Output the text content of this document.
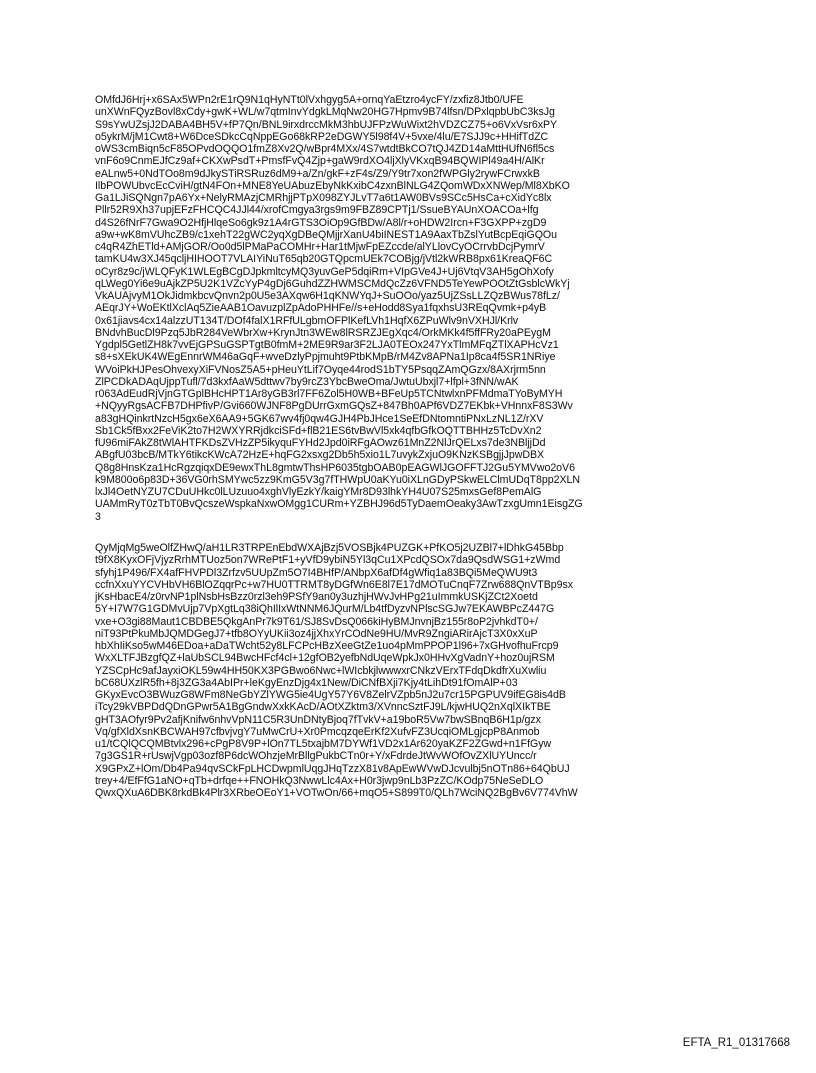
OMfdJ6Hrj+x6SAx5WPn2rE1rQ9N1qHyNTt0lVxhgyg5A+ornqYaEtzro4ycFY/zxfiz8Jtb0/UFE
unXWnFQyzBovl8xCdy+gwK+WL/w7qtmInvYdgkLMqNw20HG7Hpmv9B74lfsn/DPxlqpbUbC3ksJg
S9sYwUZsjJ2DABA4BH5V+fP7Qn/BNL9irxdrccMkM3hbUJFPzWuWixt2hVDZCZ75+o6VxVsr6xPY
o5ykrM/jM1Cwt8+W6DceSDkcCqNppEGo68kRP2eDGWY5l98f4V+5vxe/4lu/E7SJJ9c+HHifTdZC
oWS3cmBiqn5cF85OPvdOQQO1fmZ8Xv2Q/wBpr4MXx/4S7wtdtBkCO7tQJ4ZD14aMttHUfN6fl5cs
vnF6o9CnmEJfCz9af+CKXwPsdT+PmsfFvQ4Zjp+gaW9rdXO4ljXlyVKxqB94BQWIPl49a4H/AlKr
eALnw5+0NdTOo8m9dJkySTiRSRuz6dM9+a/Zn/gkF+zF4s/Z9/Y9tr7xon2fWPGly2rywFCrwxkB
IlbPOWUbvcEcCviH/gtN4FOn+MNE8YeUAbuzEbyNkKxibC4zxnBlNLG4ZQomWDxXNWep/Ml8XbKO
Ga1LJiSQNgn7pA6Yx+NelyRMAzjCMRhjjPTpX098ZYJLvT7a6t1AW0BVs9SCc5HsCa+cXidYc8lx
Pllr52R9Xh37upjEFzFHCQC4JJl44/xrofCmgya3rgs9m9FBZ89CPTj1/SsueBYAUnXOACOa+lfg
d4S26fNrF7Gwa9O2HfjHlqeSo6gk9z1A4rGTS3OiOp9GfBDw/A8l/r+oHDW2Ircn+F3GXPP+zgD9
a9w+wK8mVUhcZB9/c1xehT22gWC2yqXgDBeQMjjrXanU4biINEST1A9AaxTbZslYutBcpEqiGQOu
c4qR4ZhETld+AMjGOR/Oo0d5lPMaPaCOMHr+Har1tMjwFpEZccde/alYLlovCyOCrrvbDcjPymrV
tamKU4w3XJ45qcljHIHOOT7VLAIYiNuT65qb20GTQpcmUEk7COBjg/jVtl2kWRB8px61KreaQF6C
oCyr8z9c/jWLQFyK1WLEgBCgDJpkmltcyMQ3yuvGeP5dqiRm+VIpGVe4J+Uj6VtqV3AH5gOhXofy
qLWeg0Yi6e9uAjkZP5U2K1VZcYyP4gDj6GuhdZZHWMSCMdQcZz6VFND5TeYewPOOtZtGsblcWkYj
VkAUAjvyM1OkJidmkbcvQnvn2p0U5e3AXqw6H1qKNWYqJ+SuOOo/yaz5UjZSsLLZQzBWus78fLz/
AEqrJY+WoEKtlXclAq5ZieAAB1OavuzplZpAdoPHHFe//s+eHodd8Sya1fqxhsU3REqQvmk+p4yB
0x61jiavs4cx14alzzUT134T/DOf4falX1RFfULgbmOFPlKefLVh1HqfX6ZPuWlv9nVXHJl/Krlv
BNdvhBucDl9Pzq5JbR284VeWbrXw+KrynJtn3WEw8lRSRZJEgXqc4/OrkMKk4f5ffFRy20aPEygM
Ygdpl5GetlZH8k7vvEjGPSuGSPTgtB0fmM+2ME9R9ar3F2LJA0TEOx247YxTlmMFqZTlXAPHcVz1
s8+sXEkUK4WEgEnnrWM46aGqF+wveDzlyPpjmuht9PtbKMpB/rM4Zv8APNa1Ip8ca4f5SR1NRiye
WVoiPkHJPesOhvexyXiFVNosZ5A5+pHeuYtLif7Oyqe44rodS1bTY5PsqqZAmQGzx/8AXrjrm5nn
ZlPCDkADAqUjppTufl/7d3kxfAaW5dttwv7by9rcZ3YbcBweOma/JwtuUbxjl7+lfpl+3fNN/wAK
r063AdEudRjVjnGTGplBHcHPT1Ar8yGB3rl7FF6Zol5H0WB+BFeUp5TCNtwlxnPFMdmaTYoByMYH
+NQyyRgsACFB7DHPfivP/Gvi660WJNF8PgDUrrGxmGQsZ+847Bh0APf6VDZ7EKbk+VHnnxF8S3Wv
a83gHQinkrtNzcH5gx6eX6AA9+5GK67wv4fj0qw4GJH4PbJHce1SeEfDNtomntiPNxLzNL1Z/rXV
Sb1Ck5fBxx2FeViK2to7H2WXYRRjdkciSFd+flB21ES6tvBwVl5xk4qfbGfkOQTTBHHz5TcDvXn2
fU96miFAkZ8tWlAHTFKDsZVHzZP5ikyquFYHd2Jpd0iRFgAOwz61MnZ2NlJrQELxs7de3NBljjDd
ABgfU03bcB/MTkY6tikcKWcA72HzE+hqFG2xsxg2Db5h5xio1L7uvykZxjuO9KNzKSBgjjJpwDBX
Q8g8HnsKza1HcRgzqiqxDE9ewxThL8gmtwThsHP6035tgbOAB0pEAGWlJGOFFTJ2Gu5YMVwo2oV6
k9M800o6p83D+36VG0rhSMYwc5zz9KmG5V3g7fTHWpU0aKYu0iXLnGDyPSkwELClmUDqT8pp2XLN
lxJl4OetNYZU7CDuUHkc0lLUzuuo4xghVlyEzkY/kaigYMr8D93lhkYH4U07S25mxsGef8PemAlG
UAMmRyT0zTbT0BvQcszeWspkaNxwOMgg1CURm+YZBHJ96d5TyDaemOeaky3AwTzxgUmn1EisgZG
3
QyMjqMg5weOlfZHwQ/aH1LR3TRPEnEbdWXAjBzj5VOSBjk4PUZGK+PfKO5j2UZBl7+lDhkG45Bbp
t9fX8KyxOFjVjyzRrhMTUoz5on7WRePtF1+yVfD9ybiN5Yl3qCu1XPcdQSOx7da9QsdWSG1+zWmd
sfyhj1P496/FX4afFHVPDl3Zrfzv5UUpZm5O7I4BHfP/ANbpX6afDf4gWfiq1a83BQi5MeQWU9t3
ccfnXxuYYCVHbVH6BlOZqqrPc+w7HU0TTRMT8yDGfWn6E8l7E17dMOTuCnqF7Zrw688QnVTBp9sx
jKsHbacE4/z0rvNP1plNsbHsBzz0rzl3eh9PSfY9an0y3uzhjHWvJvHPg21uImmkUSKjZCt2Xoetd
5Y+I7W7G1GDMvUjp7VpXgtLq38iQhIlIxWtNNM6JQurM/Lb4tfDyzvNPlscSGJw7EKAWBPcZ447G
vxe+O3gi88Maut1CBDBE5QkgAnPr7k9T61/SJ8SvDsQ066kiHyBMJnvnjBz155r8oP2jvhkdT0+/
niT93PtPkuMbJQMDGegJ7+tfb8OYyUKii3oz4jjXhxYrCOdNe9HU/MvR9ZngiARirAjcT3X0xXuP
hbXhIiKso5wM46EDoa+aDaTWcht52y8LFCPcHBzXeeGtZe1uo4pMmPPOP1l96+7xGHvofhuFrcp9
WxXLTFJBzgfQZ+laUbSCL94BwcHFcf4cl+12gfOB2yefbNdUqeWpkJx0HHvXgVadnY+hoz0ujRSM
YZSCpHc9afJayxiOKL59w4HH50KX3PGBwo6Nwc+lWIcbkjlwwwxrCNkzVErxTFdqDkdfrXuXwliu
bC68UXzlR5fh+8j3ZG3a4AbIPr+leKgyEnzDjg4x1New/DiCNfBXji7Kjy4tLihDt91fOmAlP+03
GKyxEvcO3BWuzG8WFm8NeGbYZlYWG5ie4UgY57Y6V8ZelrVZpb5nJ2u7cr15PGPUV9ifEG8is4dB
iTcy29kVBPDdQDnGPwr5A1BgGndwXxkKAcD/AOtXZktm3/XVnncSztFJ9L/kjwHUQ2nXqlXIkTBE
gHT3AOfyr9Pv2afjKnifw6nhvVpN11C5R3UnDNtyBjoq7fTvkV+a19boR5Vw7bwSBnqB6H1p/gzx
Vq/gfXldXsnKBCWAH97cfbvjvgY7uMwCrU+Xr0PmcqzqeErKf2XufvFZ3UcqiOMLgjcpP8Anmob
u1/tCQlQCQMBtvlx296+cPgP8V9P+lOn7TL5txajbM7DYWf1VD2x1Ar620yaKZF2ZGwd+n1FfGyw
7g3GS1R+rUswjVgp03ozf8P6dcWOhzjeMrBllgPukbCTn0r+Y/xFdrdeJtWvWOfOvZXlUYUncc/r
X9GPxZ+lOm/Db4Pa94qvSCkFpLHCDwpmlUqgJHqTzzX81v8ApEwWVwDJcvulbj5nOTn86+64QbUJ
trey+4/EfFfG1aNO+qTb+drfqe++FNOHkQ3NwwLlc4Ax+H0r3jwp9nLb3PzZC/KOdp75NeSeDLO
QwxQXuA6DBK8rkdBk4Plr3XRbeOEoY1+VOTwOn/66+mqO5+S899T0/QLh7WciNQ2BgBv6V774VhW
EFTA_R1_01317668
